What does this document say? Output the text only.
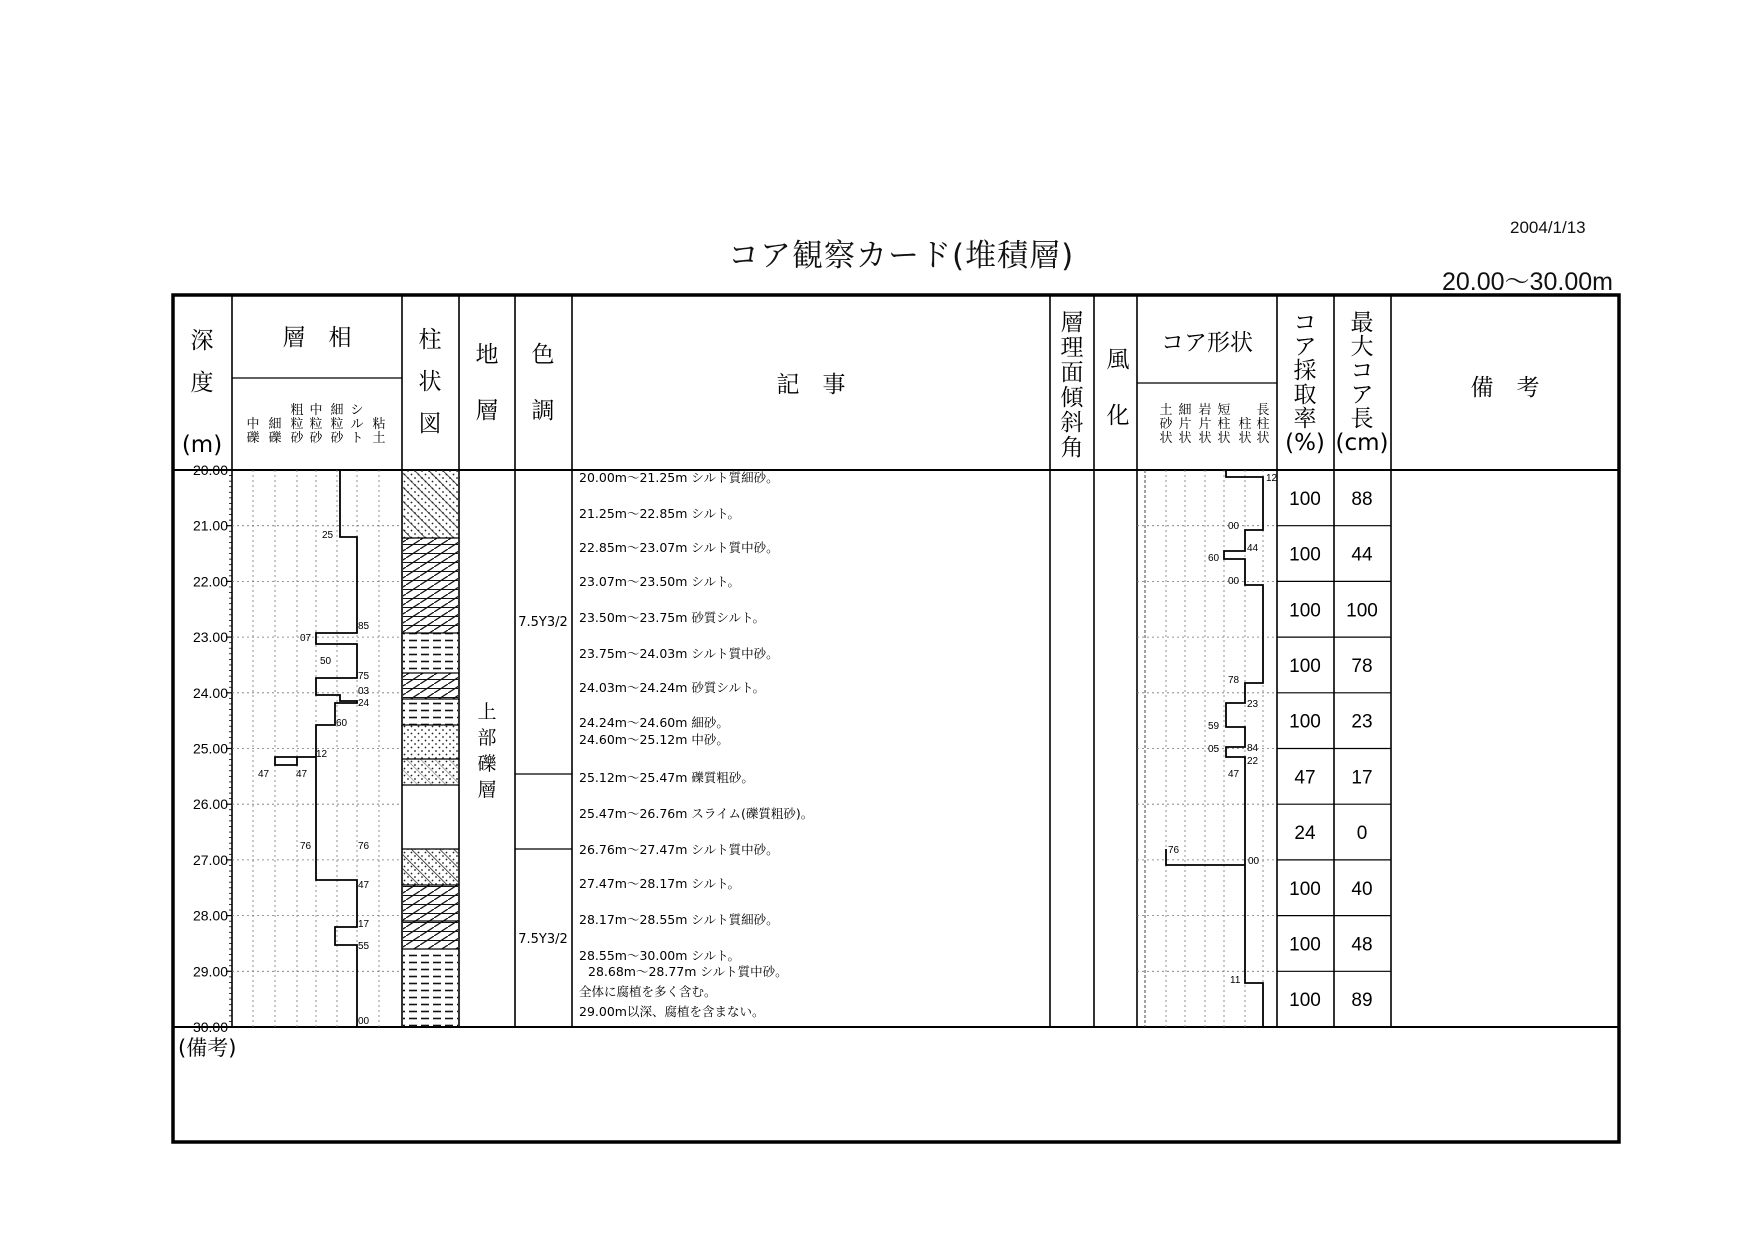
2004/1/13
コア観察カード(堆積層)
20.00～30.00m
深
度
(m)
層　相
中
礫
細
礫
粗
粒
砂
中
粒
砂
細
粒
砂
シ
ル
ト
粘
土
柱
状
図
地
層
色
調
記　事
層
理
面
傾
斜
角
風
化
コア形状
土
砂
状
細
片
状
岩
片
状
短
柱
状
柱
状
長
柱
状
コ
ア
採
取
率
(%)
最
大
コ
ア
長
(cm)
備　考
20.00
21.00
22.00
23.00
24.00
25.00
26.00
27.00
28.00
29.00
30.00
25
85
07
50
75
03
24
60
12
47	47
76	76
47
17
55
00
上
部
礫
層
7.5Y3/2
7.5Y3/2
20.00m～21.25m シルト質細砂。
21.25m～22.85m シルト。
22.85m～23.07m シルト質中砂。
23.07m～23.50m シルト。
23.50m～23.75m 砂質シルト。
23.75m～24.03m シルト質中砂。
24.03m～24.24m 砂質シルト。
24.24m～24.60m 細砂。
24.60m～25.12m 中砂。
25.12m～25.47m 礫質粗砂。
25.47m～26.76m スライム(礫質粗砂)。
26.76m～27.47m シルト質中砂。
27.47m～28.17m シルト。
28.17m～28.55m シルト質細砂。
28.55m～30.00m シルト。
28.68m～28.77m シルト質中砂。
全体に腐植を多く含む。
29.00m以深、腐植を含まない。
12
00
44
60
00
78
23
59
84
05
22
47
76
00
11
100 88
100 44
100 100
100 78
100 23
47 17
24 0
100 40
100 48
100 89
(備考)
